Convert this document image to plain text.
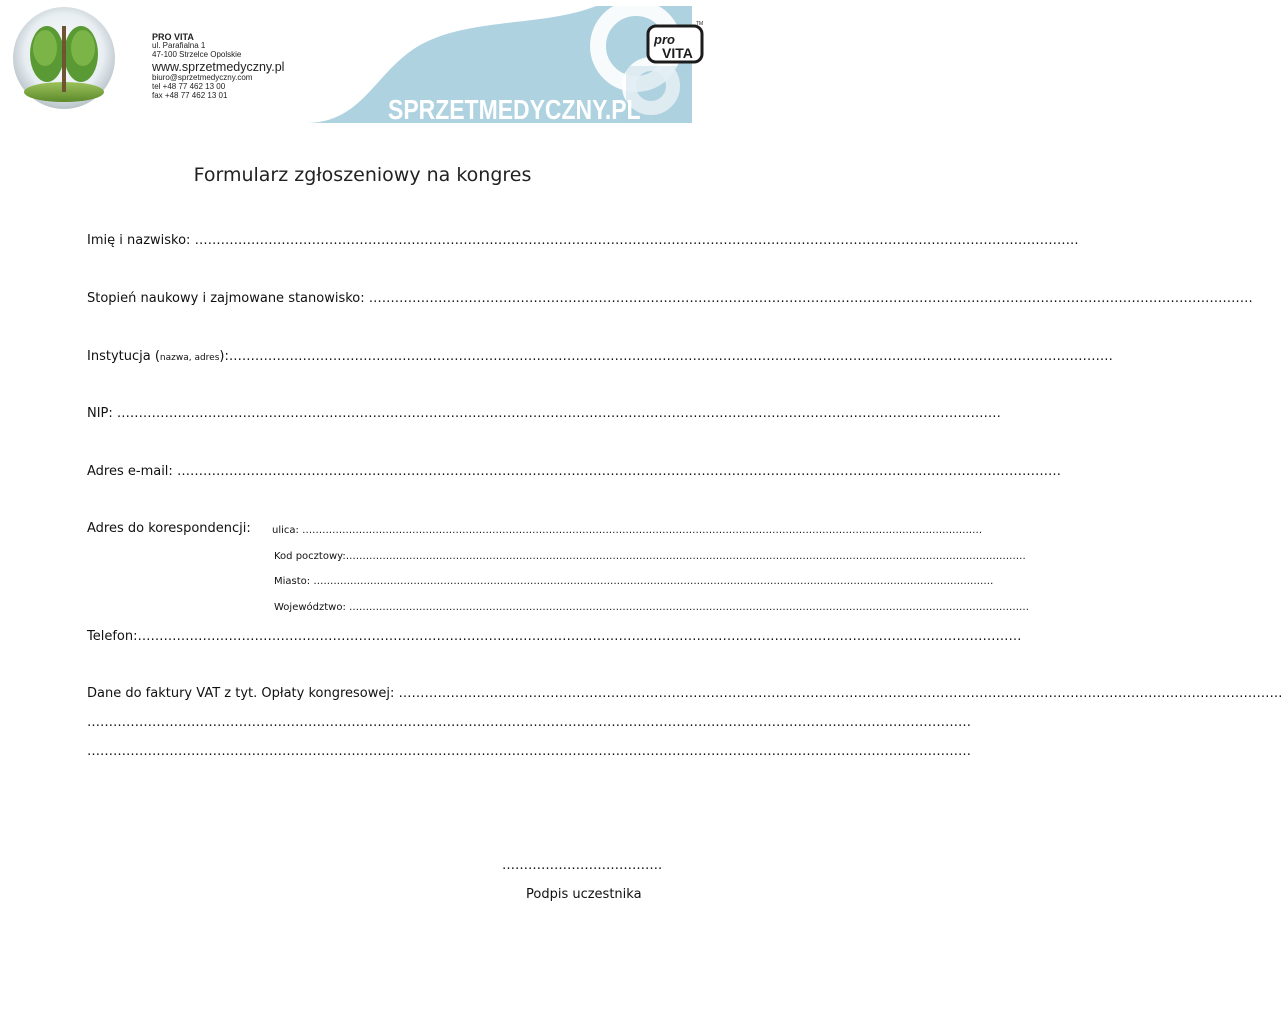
PRO VITA
ul. Parafialna 1
47-100 Strzelce Opolskie
www.sprzetmedyczny.pl
biuro@sprzetmedyczny.com
tel +48 77 462 13 00
fax +48 77 462 13 01	SPRZETMEDYCZNY.PL
pro
VITA
TM
Formularz zgłoszeniowy na kongres
Imię i nazwisko: ……………………………………………………………………………………………………………………………………………………………………………………
Stopień naukowy i zajmowane stanowisko: ……………………………………………………………………………………………………………………………………………………………………………………
Instytucja (nazwa, adres):……………………………………………………………………………………………………………………………………………………………………………………
NIP: ……………………………………………………………………………………………………………………………………………………………………………………
Adres e-mail: ……………………………………………………………………………………………………………………………………………………………………………………
Adres do korespondencji:	ulica: ……………………………………………………………………………………………………………………………………………………………………………………
Kod pocztowy:……………………………………………………………………………………………………………………………………………………………………………………
Miasto: ……………………………………………………………………………………………………………………………………………………………………………………
Województwo: ……………………………………………………………………………………………………………………………………………………………………………………
Telefon:……………………………………………………………………………………………………………………………………………………………………………………
Dane do faktury VAT z tyt. Opłaty kongresowej: ……………………………………………………………………………………………………………………………………………………………………………………
……………………………………………………………………………………………………………………………………………………………………………………
……………………………………………………………………………………………………………………………………………………………………………………
……………………………….
Podpis uczestnika
